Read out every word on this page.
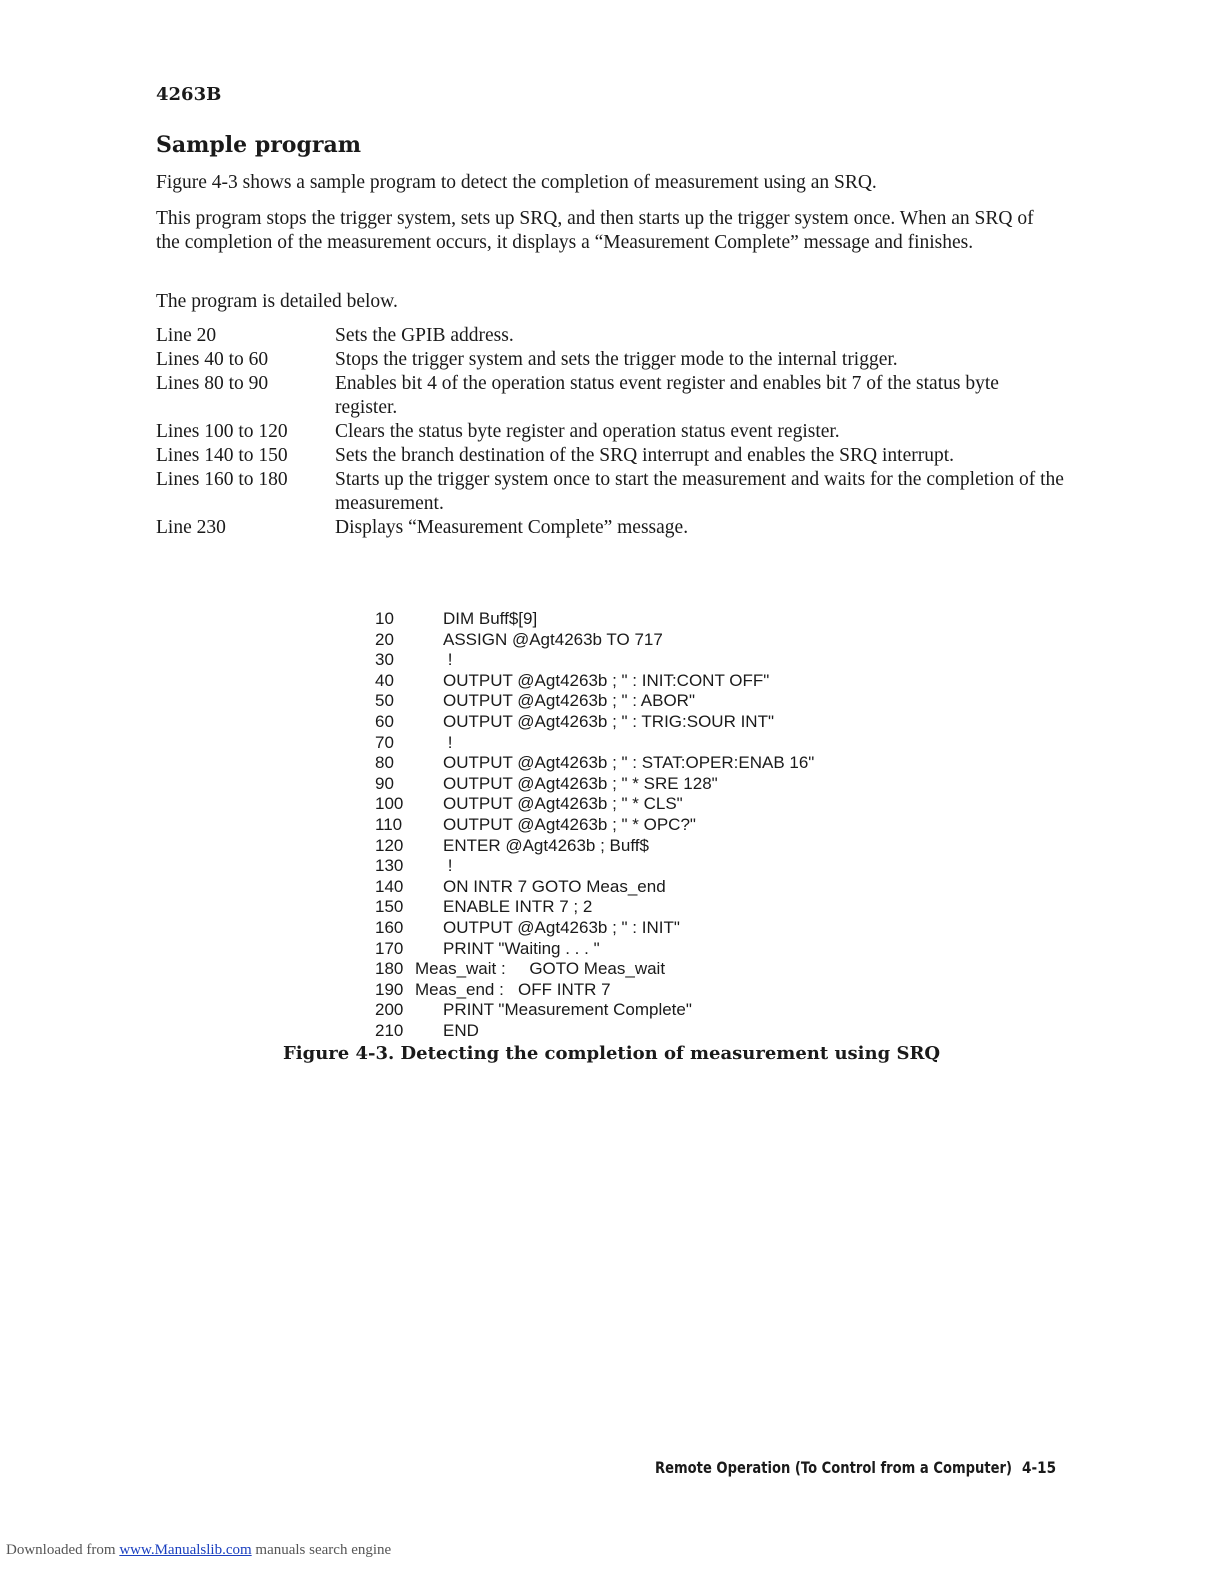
4263B
Sample program
Figure 4-3 shows a sample program to detect the completion of measurement using an SRQ.
This program stops the trigger system, sets up SRQ, and then starts up the trigger system once. When an SRQ of the completion of the measurement occurs, it displays a “Measurement Complete” message and finishes.
The program is detailed below.
Line 20	Sets the GPIB address.
Lines 40 to 60	Stops the trigger system and sets the trigger mode to the internal trigger.
Lines 80 to 90	Enables bit 4 of the operation status event register and enables bit 7 of the status byte register.
Lines 100 to 120	Clears the status byte register and operation status event register.
Lines 140 to 150	Sets the branch destination of the SRQ interrupt and enables the SRQ interrupt.
Lines 160 to 180	Starts up the trigger system once to start the measurement and waits for the completion of the measurement.
Line 230	Displays “Measurement Complete” message.
10	DIM Buff$[9]
20	ASSIGN @Agt4263b TO 717
30	!
40	OUTPUT @Agt4263b ; " : INIT:CONT OFF"
50	OUTPUT @Agt4263b ; " : ABOR"
60	OUTPUT @Agt4263b ; " : TRIG:SOUR INT"
70	!
80	OUTPUT @Agt4263b ; " : STAT:OPER:ENAB 16"
90	OUTPUT @Agt4263b ; " * SRE 128"
100 OUTPUT @Agt4263b ; " * CLS"
110 OUTPUT @Agt4263b ; " * OPC?"
120 ENTER @Agt4263b ; Buff$
130 !
140 ON INTR 7 GOTO Meas_end
150 ENABLE INTR 7 ; 2
160 OUTPUT @Agt4263b ; " : INIT"
170 PRINT "Waiting . . . "
180 Meas_wait :     GOTO Meas_wait
190 Meas_end :   OFF INTR 7
200 PRINT "Measurement Complete"
210 END
Figure 4-3. Detecting the completion of measurement using SRQ
Remote Operation (To Control from a Computer) 4-15
Downloaded from www.Manualslib.com manuals search engine
